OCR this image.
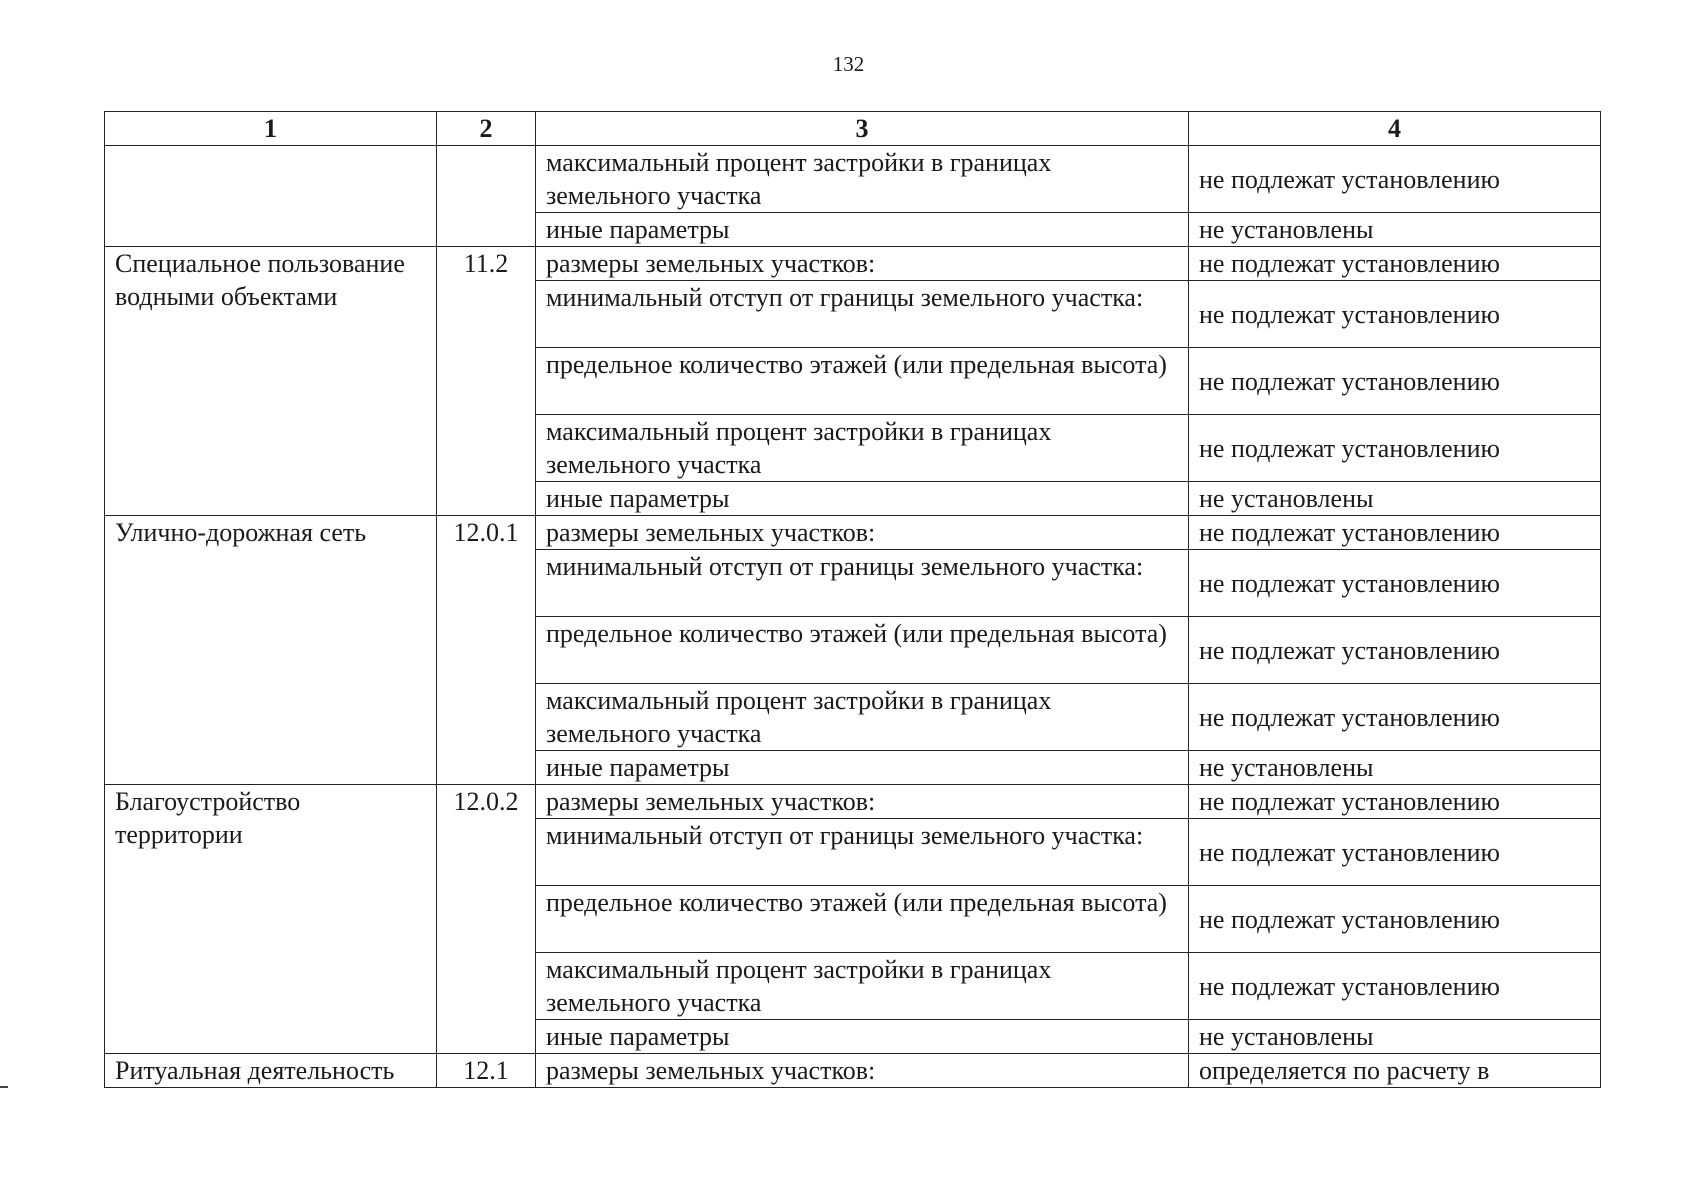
132
1	2	3	4
		максимальный процент застройки в границах земельного участка	не подлежат установлению
		иные параметры	не установлены
Специальное пользование водными объектами	11.2	размеры земельных участков:	не подлежат установлению
		минимальный отступ от границы земельного участка:	не подлежат установлению
		предельное количество этажей (или предельная высота)	не подлежат установлению
		максимальный процент застройки в границах земельного участка	не подлежат установлению
		иные параметры	не установлены
Улично-дорожная сеть	12.0.1	размеры земельных участков:	не подлежат установлению
		минимальный отступ от границы земельного участка:	не подлежат установлению
		предельное количество этажей (или предельная высота)	не подлежат установлению
		максимальный процент застройки в границах земельного участка	не подлежат установлению
		иные параметры	не установлены
Благоустройство территории	12.0.2	размеры земельных участков:	не подлежат установлению
		минимальный отступ от границы земельного участка:	не подлежат установлению
		предельное количество этажей (или предельная высота)	не подлежат установлению
		максимальный процент застройки в границах земельного участка	не подлежат установлению
		иные параметры	не установлены
Ритуальная деятельность	12.1	размеры земельных участков:	определяется по расчету в
